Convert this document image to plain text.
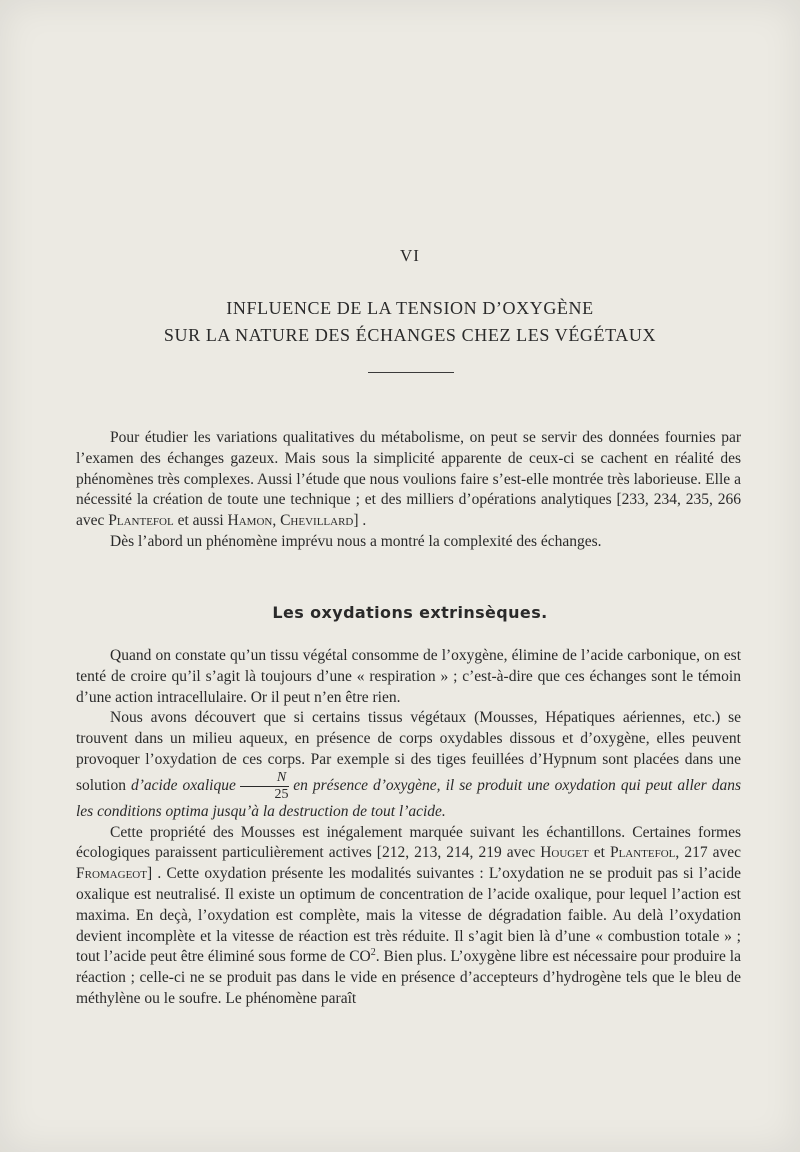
VI
INFLUENCE DE LA TENSION D’OXYGÈNE
SUR LA NATURE DES ÉCHANGES CHEZ LES VÉGÉTAUX

Pour étudier les variations qualitatives du métabolisme, on peut se servir des données fournies par l’examen des échanges gazeux. Mais sous la simplicité apparente de ceux-ci se cachent en réalité des phénomènes très complexes. Aussi l’étude que nous voulions faire s’est-elle montrée très laborieuse. Elle a nécessité la création de toute une technique ; et des milliers d’opérations analytiques [233, 234, 235, 266 avec Plantefol et aussi Hamon, Chevillard] .

Dès l’abord un phénomène imprévu nous a montré la complexité des échanges.

Les oxydations extrinsèques.

Quand on constate qu’un tissu végétal consomme de l’oxygène, élimine de l’acide carbonique, on est tenté de croire qu’il s’agit là toujours d’une « respiration » ; c’est-à-dire que ces échanges sont le témoin d’une action intracellulaire. Or il peut n’en être rien.

Nous avons découvert que si certains tissus végétaux (Mousses, Hépatiques aériennes, etc.) se trouvent dans un milieu aqueux, en présence de corps oxydables dissous et d’oxygène, elles peuvent provoquer l’oxydation de ces corps. Par exemple si des tiges feuillées d’Hypnum sont placées dans une solution d’acide oxalique $\frac{N}{25}$ en présence d’oxygène, il se produit une oxydation qui peut aller dans les conditions optima jusqu’à la destruction de tout l’acide.

Cette propriété des Mousses est inégalement marquée suivant les échantillons. Certaines formes écologiques paraissent particulièrement actives [212, 213, 214, 219 avec Houget et Plantefol, 217 avec Fromageot] . Cette oxydation présente les modalités suivantes : L’oxydation ne se produit pas si l’acide oxalique est neutralisé. Il existe un optimum de concentration de l’acide oxalique, pour lequel l’action est maxima. En deçà, l’oxydation est complète, mais la vitesse de dégradation faible. Au delà l’oxydation devient incomplète et la vitesse de réaction est très réduite. Il s’agit bien là d’une « combustion totale » ; tout l’acide peut être éliminé sous forme de $CO^2$. Bien plus. L’oxygène libre est nécessaire pour produire la réaction ; celle-ci ne se produit pas dans le vide en présence d’accepteurs d’hydrogène tels que le bleu de méthylène ou le soufre. Le phénomène paraît
